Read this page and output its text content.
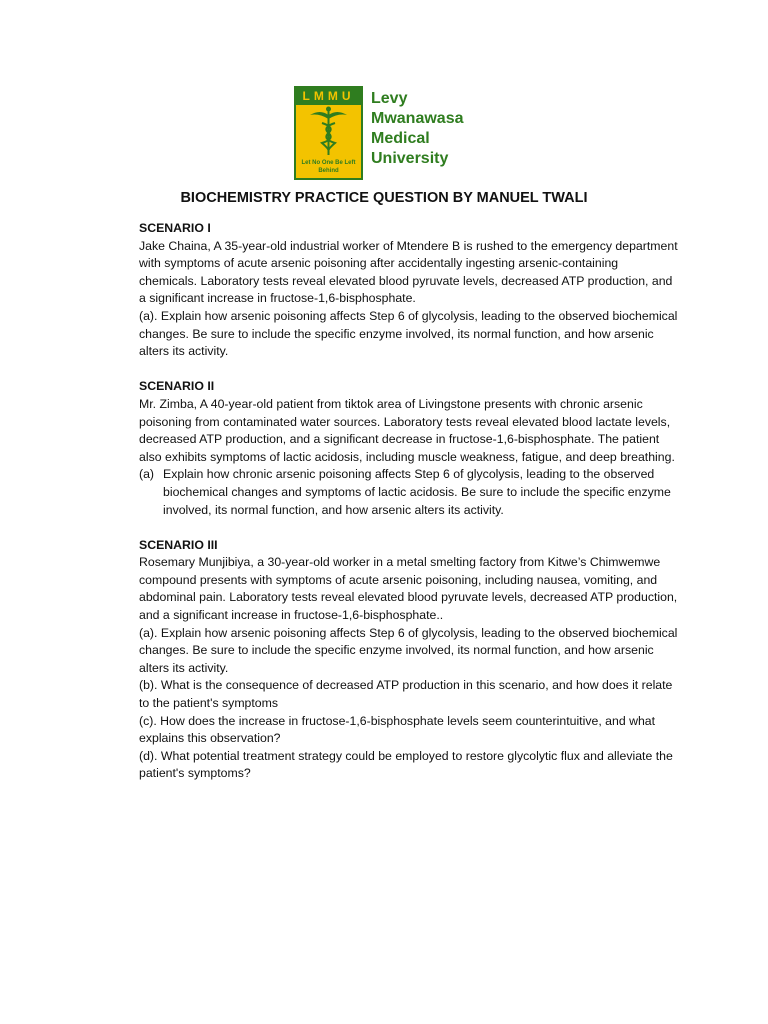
LMMU
Let No One Be Left Behind
Levy
Mwanawasa
Medical
University
BIOCHEMISTRY PRACTICE QUESTION BY MANUEL TWALI

SCENARIO I

Jake Chaina, A 35-year-old industrial worker of Mtendere B is rushed to the emergency department with symptoms of acute arsenic poisoning after accidentally ingesting arsenic-containing chemicals. Laboratory tests reveal elevated blood pyruvate levels, decreased ATP production, and a significant increase in fructose-1,6-bisphosphate.

(a). Explain how arsenic poisoning affects Step 6 of glycolysis, leading to the observed biochemical changes. Be sure to include the specific enzyme involved, its normal function, and how arsenic alters its activity.

SCENARIO II

Mr. Zimba, A 40-year-old patient from tiktok area of Livingstone presents with chronic arsenic poisoning from contaminated water sources. Laboratory tests reveal elevated blood lactate levels, decreased ATP production, and a significant decrease in fructose-1,6-bisphosphate. The patient also exhibits symptoms of lactic acidosis, including muscle weakness, fatigue, and deep breathing.

(a) Explain how chronic arsenic poisoning affects Step 6 of glycolysis, leading to the observed biochemical changes and symptoms of lactic acidosis. Be sure to include the specific enzyme involved, its normal function, and how arsenic alters its activity.

SCENARIO III

Rosemary Munjibiya, a 30-year-old worker in a metal smelting factory from Kitwe’s Chimwemwe compound presents with symptoms of acute arsenic poisoning, including nausea, vomiting, and abdominal pain. Laboratory tests reveal elevated blood pyruvate levels, decreased ATP production, and a significant increase in fructose-1,6-bisphosphate..

(a). Explain how arsenic poisoning affects Step 6 of glycolysis, leading to the observed biochemical changes. Be sure to include the specific enzyme involved, its normal function, and how arsenic alters its activity.

(b). What is the consequence of decreased ATP production in this scenario, and how does it relate to the patient's symptoms

(c). How does the increase in fructose-1,6-bisphosphate levels seem counterintuitive, and what explains this observation?

(d). What potential treatment strategy could be employed to restore glycolytic flux and alleviate the patient's symptoms?
